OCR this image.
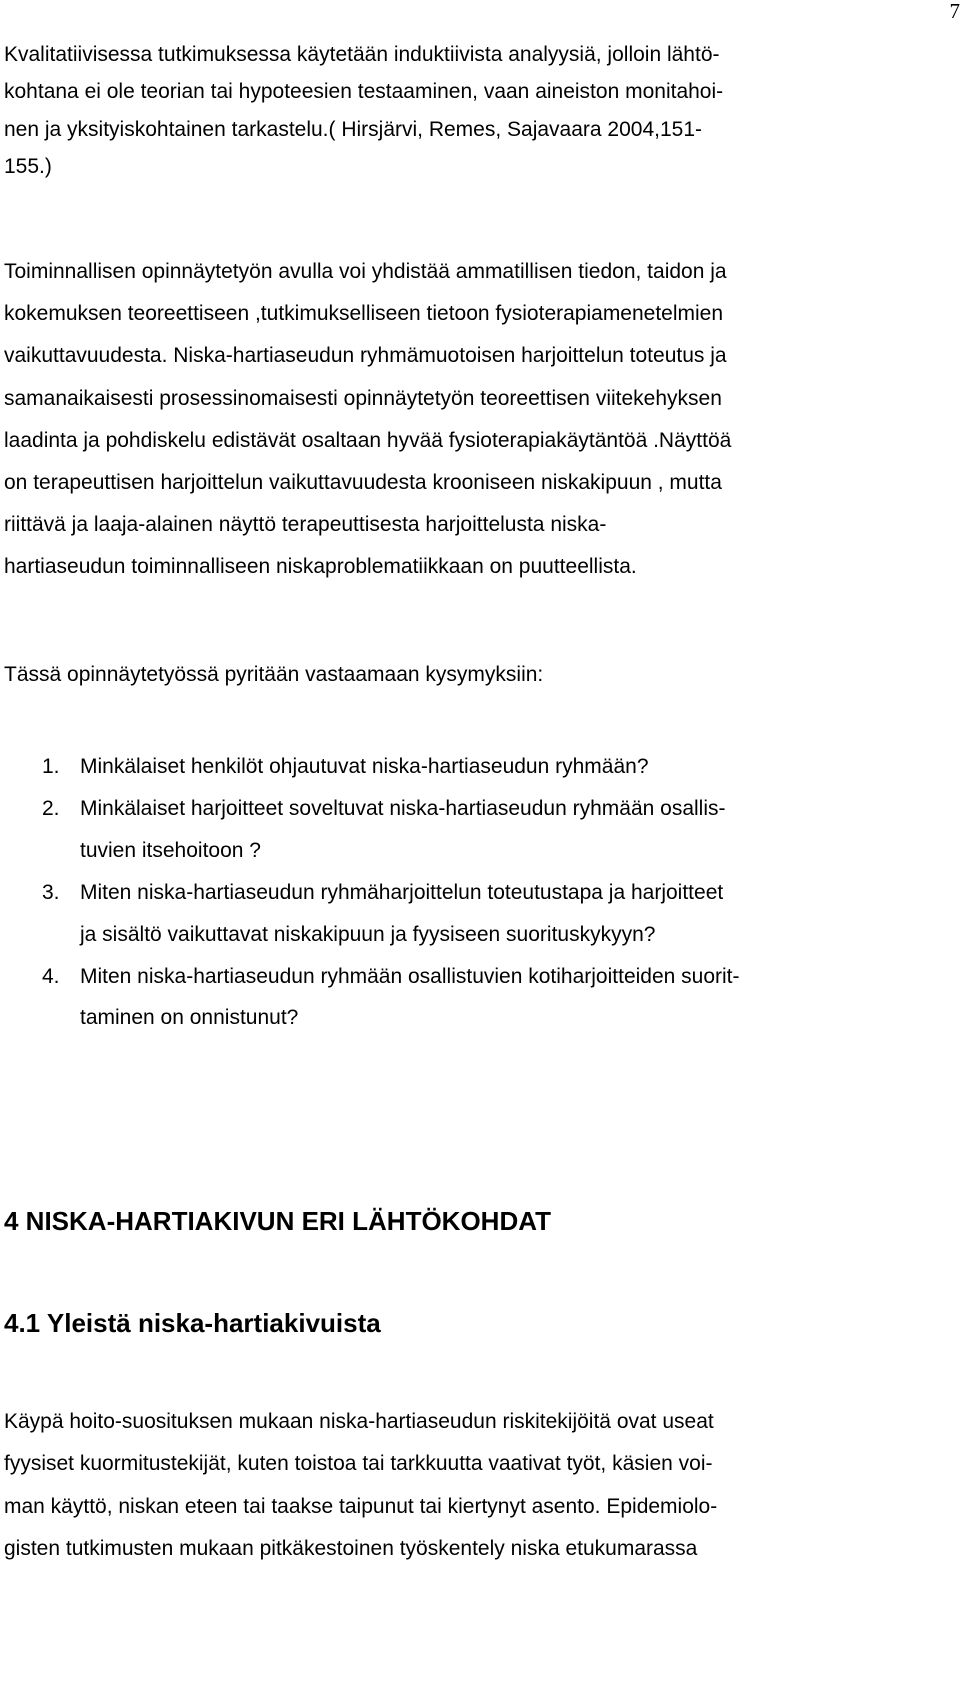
7
Kvalitatiivisessa tutkimuksessa käytetään induktiivista analyysiä, jolloin lähtö-
kohtana ei ole teorian tai hypoteesien testaaminen, vaan aineiston monitahoi-
nen ja yksityiskohtainen tarkastelu.( Hirsjärvi, Remes, Sajavaara 2004,151-
155.)
Toiminnallisen opinnäytetyön avulla voi yhdistää ammatillisen tiedon, taidon ja
kokemuksen teoreettiseen ,tutkimukselliseen tietoon fysioterapiamenetelmien
vaikuttavuudesta. Niska-hartiaseudun ryhmämuotoisen harjoittelun toteutus ja
samanaikaisesti prosessinomaisesti opinnäytetyön teoreettisen viitekehyksen
laadinta ja pohdiskelu edistävät osaltaan hyvää fysioterapiakäytäntöä .Näyttöä
on terapeuttisen harjoittelun vaikuttavuudesta krooniseen niskakipuun , mutta
riittävä ja laaja-alainen näyttö terapeuttisesta harjoittelusta niska-
hartiaseudun toiminnalliseen niskaproblematiikkaan on puutteellista.
Tässä opinnäytetyössä pyritään vastaamaan kysymyksiin:
1. Minkälaiset henkilöt ohjautuvat niska-hartiaseudun ryhmään?
2. Minkälaiset harjoitteet soveltuvat niska-hartiaseudun ryhmään osallis-
tuvien itsehoitoon ?
3. Miten niska-hartiaseudun ryhmäharjoittelun toteutustapa ja harjoitteet
ja sisältö vaikuttavat niskakipuun ja fyysiseen suorituskykyyn?
4. Miten niska-hartiaseudun ryhmään osallistuvien kotiharjoitteiden suorit-
taminen on onnistunut?
4 NISKA-HARTIAKIVUN ERI LÄHTÖKOHDAT
4.1 Yleistä niska-hartiakivuista
Käypä hoito-suosituksen mukaan niska-hartiaseudun riskitekijöitä ovat useat
fyysiset kuormitustekijät, kuten toistoa tai tarkkuutta vaativat työt, käsien voi-
man käyttö, niskan eteen tai taakse taipunut tai kiertynyt asento. Epidemiolo-
gisten tutkimusten mukaan pitkäkestoinen työskentely niska etukumarassa
